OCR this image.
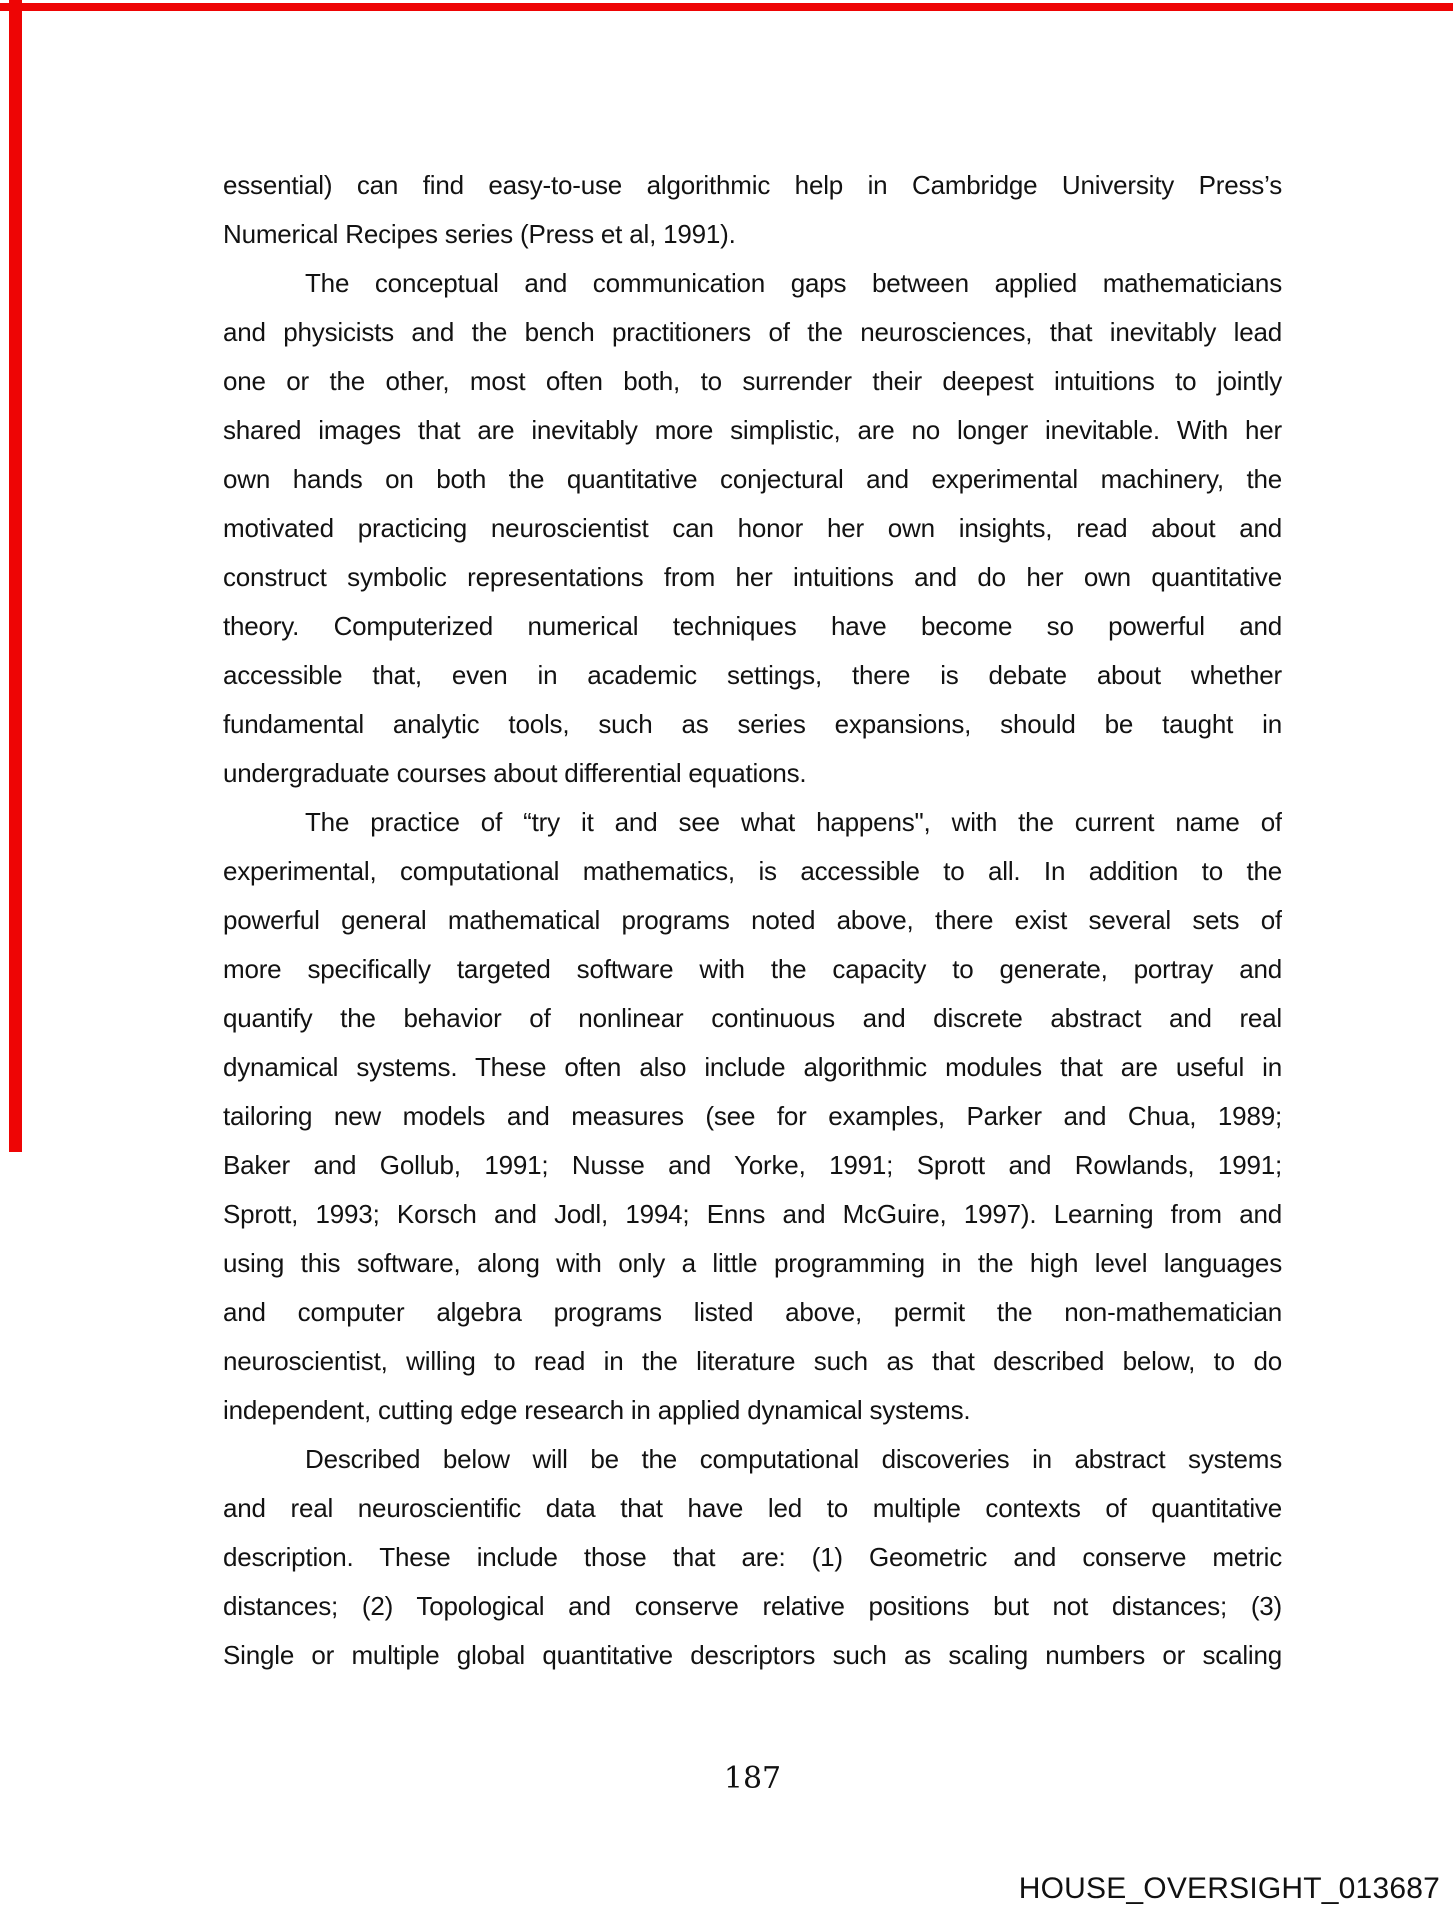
essential) can find easy-to-use algorithmic help in Cambridge University Press’s
Numerical Recipes series (Press et al, 1991).
The conceptual and communication gaps between applied mathematicians
and physicists and the bench practitioners of the neurosciences, that inevitably lead
one or the other, most often both, to surrender their deepest intuitions to jointly
shared images that are inevitably more simplistic, are no longer inevitable. With her
own hands on both the quantitative conjectural and experimental machinery, the
motivated practicing neuroscientist can honor her own insights, read about and
construct symbolic representations from her intuitions and do her own quantitative
theory. Computerized numerical techniques have become so powerful and
accessible that, even in academic settings, there is debate about whether
fundamental analytic tools, such as series expansions, should be taught in
undergraduate courses about differential equations.
The practice of “try it and see what happens", with the current name of
experimental, computational mathematics, is accessible to all. In addition to the
powerful general mathematical programs noted above, there exist several sets of
more specifically targeted software with the capacity to generate, portray and
quantify the behavior of nonlinear continuous and discrete abstract and real
dynamical systems. These often also include algorithmic modules that are useful in
tailoring new models and measures (see for examples, Parker and Chua, 1989;
Baker and Gollub, 1991; Nusse and Yorke, 1991; Sprott and Rowlands, 1991;
Sprott, 1993; Korsch and Jodl, 1994; Enns and McGuire, 1997). Learning from and
using this software, along with only a little programming in the high level languages
and computer algebra programs listed above, permit the non-mathematician
neuroscientist, willing to read in the literature such as that described below, to do
independent, cutting edge research in applied dynamical systems.
Described below will be the computational discoveries in abstract systems
and real neuroscientific data that have led to multiple contexts of quantitative
description. These include those that are: (1) Geometric and conserve metric
distances; (2) Topological and conserve relative positions but not distances; (3)
Single or multiple global quantitative descriptors such as scaling numbers or scaling
187
HOUSE_OVERSIGHT_013687
